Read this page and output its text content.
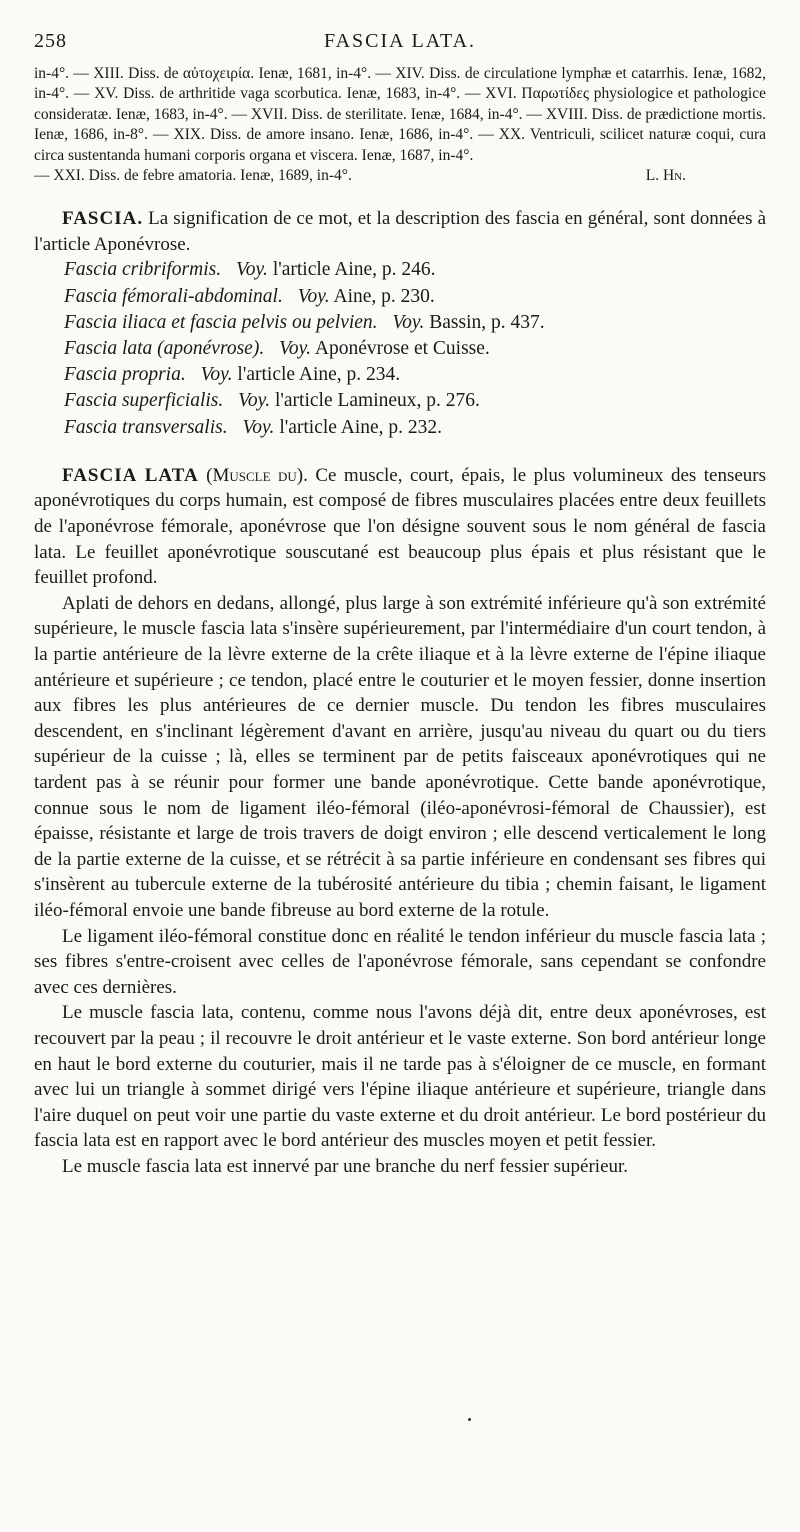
258	FASCIA LATA.
in-4°. — XIII. Diss. de αὐτοχειρία. Ienæ, 1681, in-4°. — XIV. Diss. de circulatione lymphæ et catarrhis. Ienæ, 1682, in-4°. — XV. Diss. de arthritide vaga scorbutica. Ienæ, 1683, in-4°. — XVI. Παρωτίδες physiologice et pathologice consideratæ. Ienæ, 1683, in-4°. — XVII. Diss. de sterilitate. Ienæ, 1684, in-4°. — XVIII. Diss. de prædictione mortis. Ienæ, 1686, in-8°. — XIX. Diss. de amore insano. Ienæ, 1686, in-4°. — XX. Ventriculi, scilicet naturæ coqui, cura circa sustentanda humani corporis organa et viscera. Ienæ, 1687, in-4°.
— XXI. Diss. de febre amatoria. Ienæ, 1689, in-4°.	L. Hn.
FASCIA. La signification de ce mot, et la description des fascia en général, sont données à l'article Aponévrose.
Fascia cribriformis. Voy. l'article Aine, p. 246.
Fascia fémorali-abdominal. Voy. Aine, p. 230.
Fascia iliaca et fascia pelvis ou pelvien. Voy. Bassin, p. 437.
Fascia lata (aponévrose). Voy. Aponévrose et Cuisse.
Fascia propria. Voy. l'article Aine, p. 234.
Fascia superficialis. Voy. l'article Lamineux, p. 276.
Fascia transversalis. Voy. l'article Aine, p. 232.

FASCIA LATA (Muscle du). Ce muscle, court, épais, le plus volumineux des tenseurs aponévrotiques du corps humain, est composé de fibres musculaires placées entre deux feuillets de l'aponévrose fémorale, aponévrose que l'on désigne souvent sous le nom général de fascia lata. Le feuillet aponévrotique souscutané est beaucoup plus épais et plus résistant que le feuillet profond.

Aplati de dehors en dedans, allongé, plus large à son extrémité inférieure qu'à son extrémité supérieure, le muscle fascia lata s'insère supérieurement, par l'intermédiaire d'un court tendon, à la partie antérieure de la lèvre externe de la crête iliaque et à la lèvre externe de l'épine iliaque antérieure et supérieure ; ce tendon, placé entre le couturier et le moyen fessier, donne insertion aux fibres les plus antérieures de ce dernier muscle. Du tendon les fibres musculaires descendent, en s'inclinant légèrement d'avant en arrière, jusqu'au niveau du quart ou du tiers supérieur de la cuisse ; là, elles se terminent par de petits faisceaux aponévrotiques qui ne tardent pas à se réunir pour former une bande aponévrotique. Cette bande aponévrotique, connue sous le nom de ligament iléo-fémoral (iléo-aponévrosi-fémoral de Chaussier), est épaisse, résistante et large de trois travers de doigt environ ; elle descend verticalement le long de la partie externe de la cuisse, et se rétrécit à sa partie inférieure en condensant ses fibres qui s'insèrent au tubercule externe de la tubérosité antérieure du tibia ; chemin faisant, le ligament iléo-fémoral envoie une bande fibreuse au bord externe de la rotule.

Le ligament iléo-fémoral constitue donc en réalité le tendon inférieur du muscle fascia lata ; ses fibres s'entre-croisent avec celles de l'aponévrose fémorale, sans cependant se confondre avec ces dernières.

Le muscle fascia lata, contenu, comme nous l'avons déjà dit, entre deux aponévroses, est recouvert par la peau ; il recouvre le droit antérieur et le vaste externe. Son bord antérieur longe en haut le bord externe du couturier, mais il ne tarde pas à s'éloigner de ce muscle, en formant avec lui un triangle à sommet dirigé vers l'épine iliaque antérieure et supérieure, triangle dans l'aire duquel on peut voir une partie du vaste externe et du droit antérieur. Le bord postérieur du fascia lata est en rapport avec le bord antérieur des muscles moyen et petit fessier.

Le muscle fascia lata est innervé par une branche du nerf fessier supérieur.
